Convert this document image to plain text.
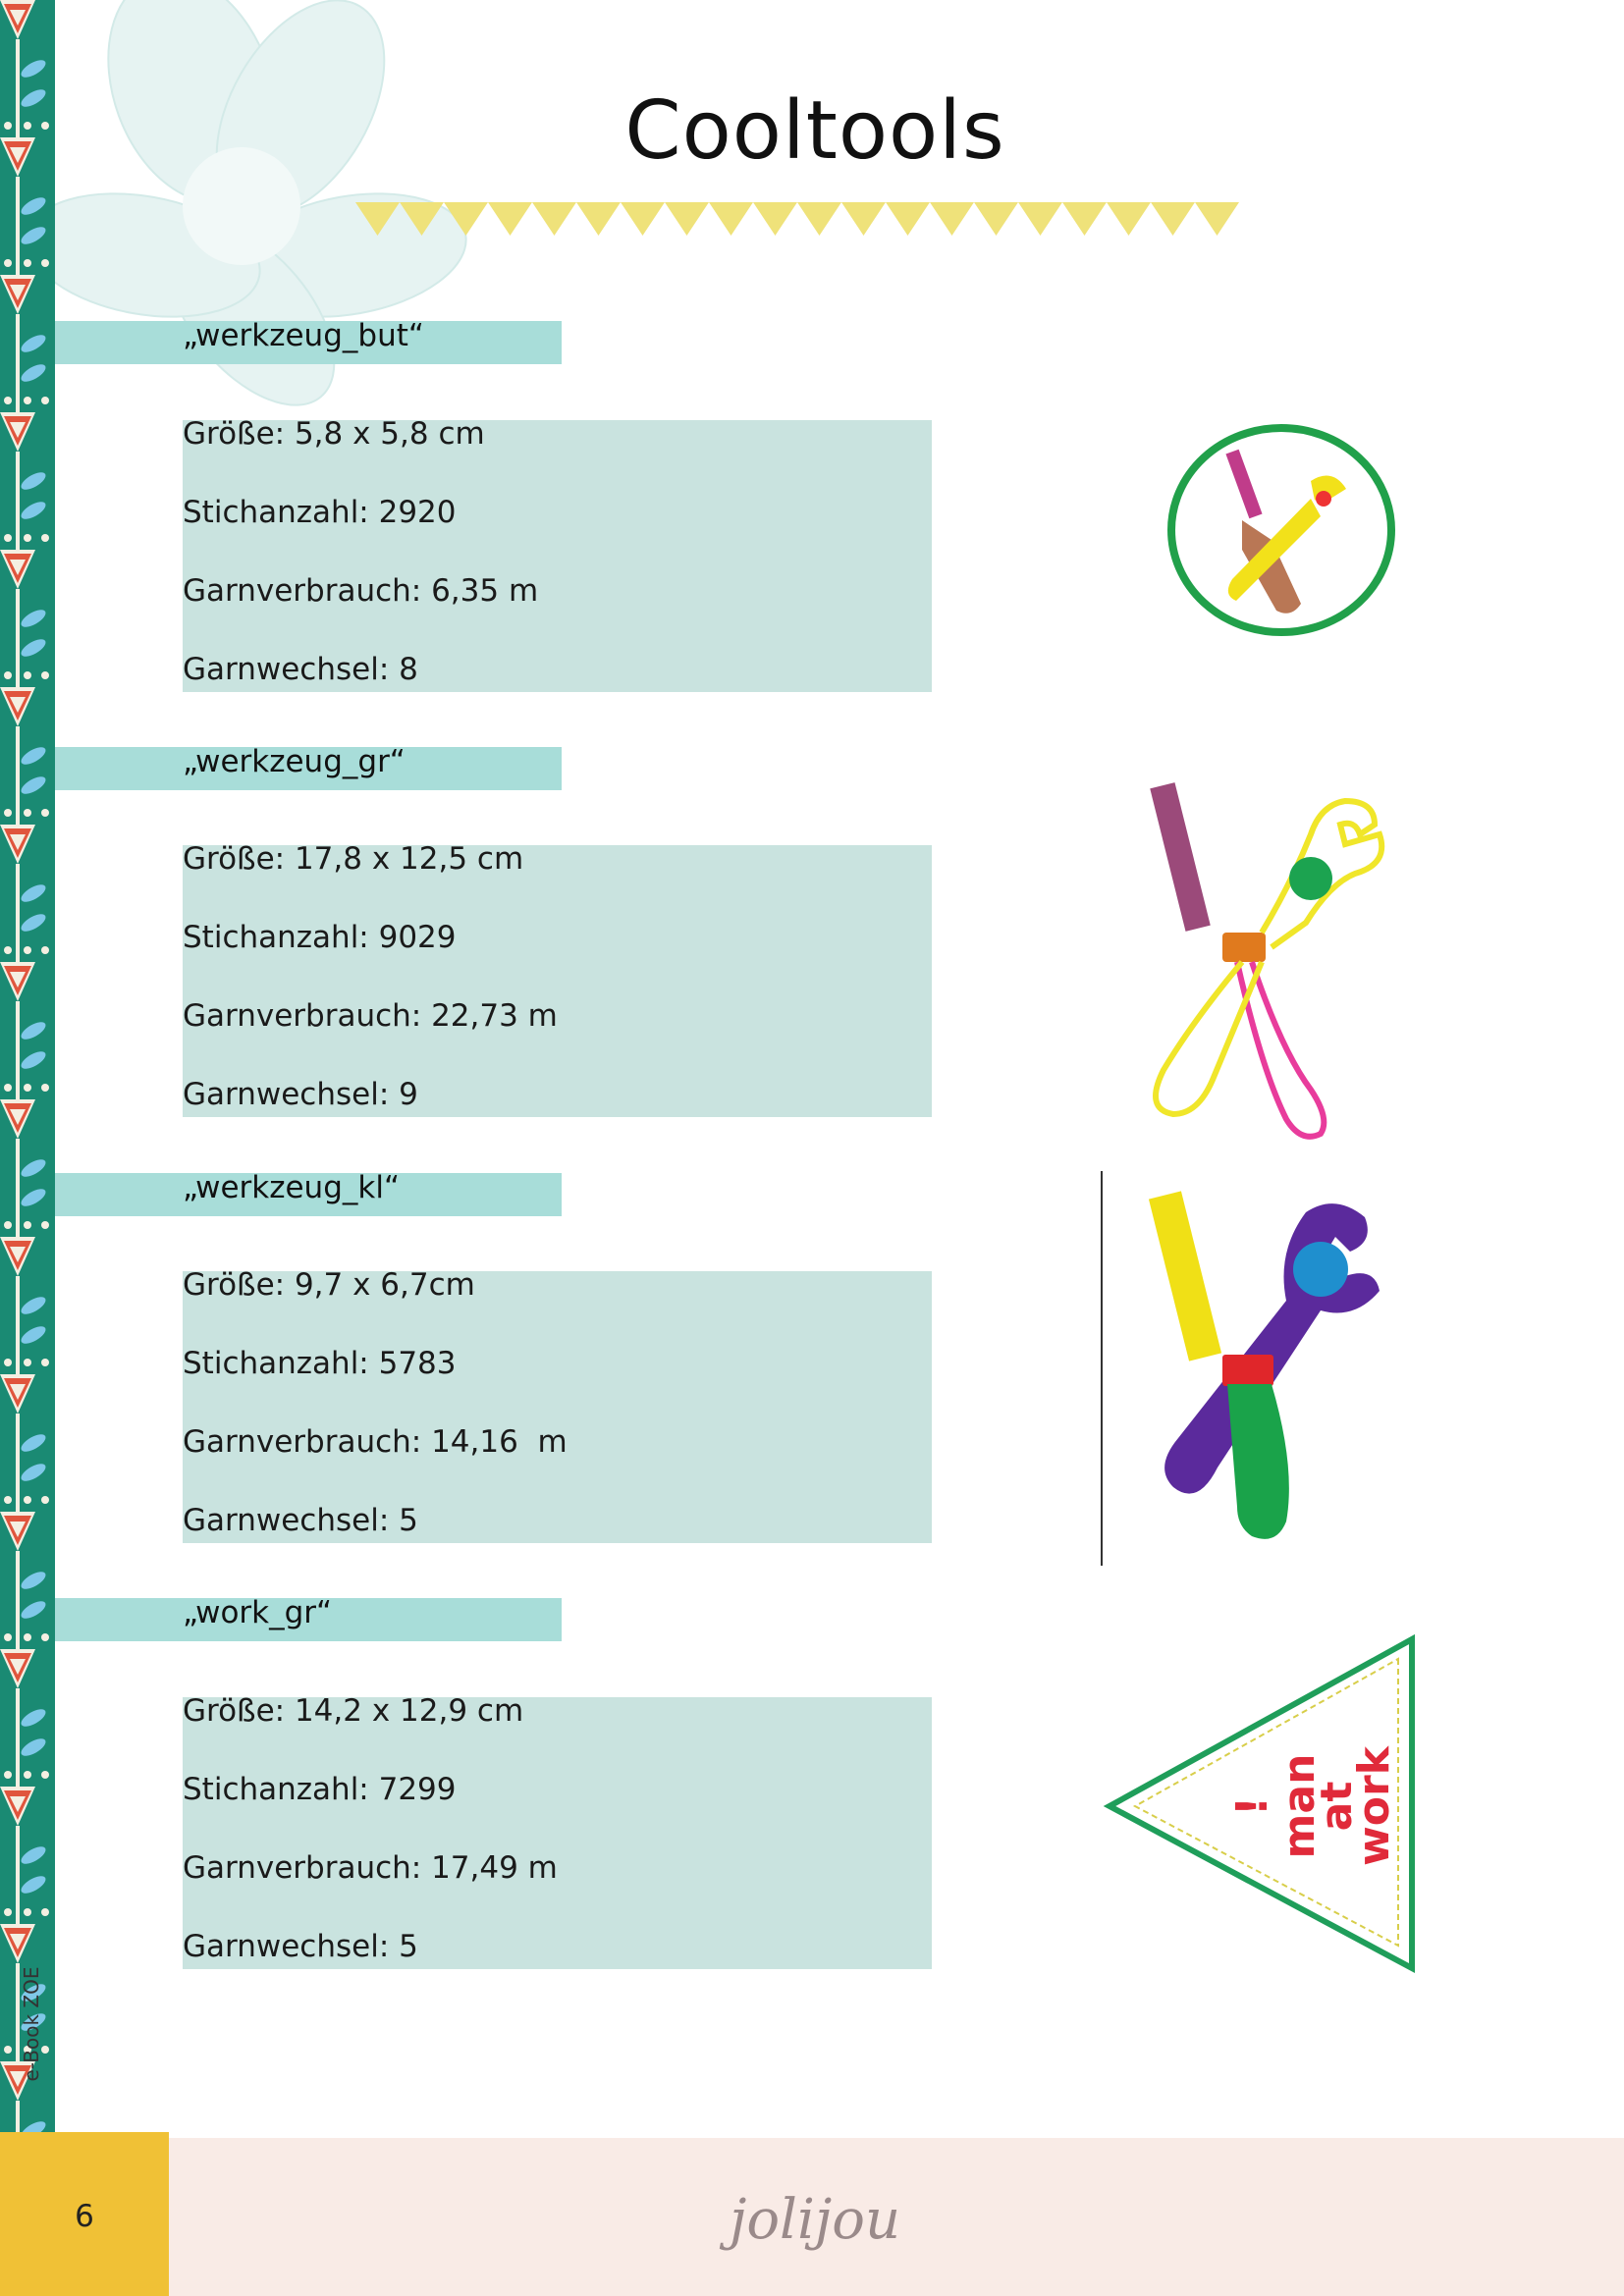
Cooltools
„werkzeug_but“
Größe: 5,8 x 5,8 cm
Stichanzahl: 2920
Garnverbrauch: 6,35 m
Garnwechsel: 8
„werkzeug_gr“
Größe: 17,8 x 12,5 cm
Stichanzahl: 9029
Garnverbrauch: 22,73 m
Garnwechsel: 9
„werkzeug_kl“
Größe: 9,7 x 6,7cm
Stichanzahl: 5783
Garnverbrauch: 14,16  m
Garnwechsel: 5
„work_gr“
Größe: 14,2 x 12,9 cm
Stichanzahl: 7299
Garnverbrauch: 17,49 m
Garnwechsel: 5
!
man
at
work
6	jolijou
e-Book ZOE
